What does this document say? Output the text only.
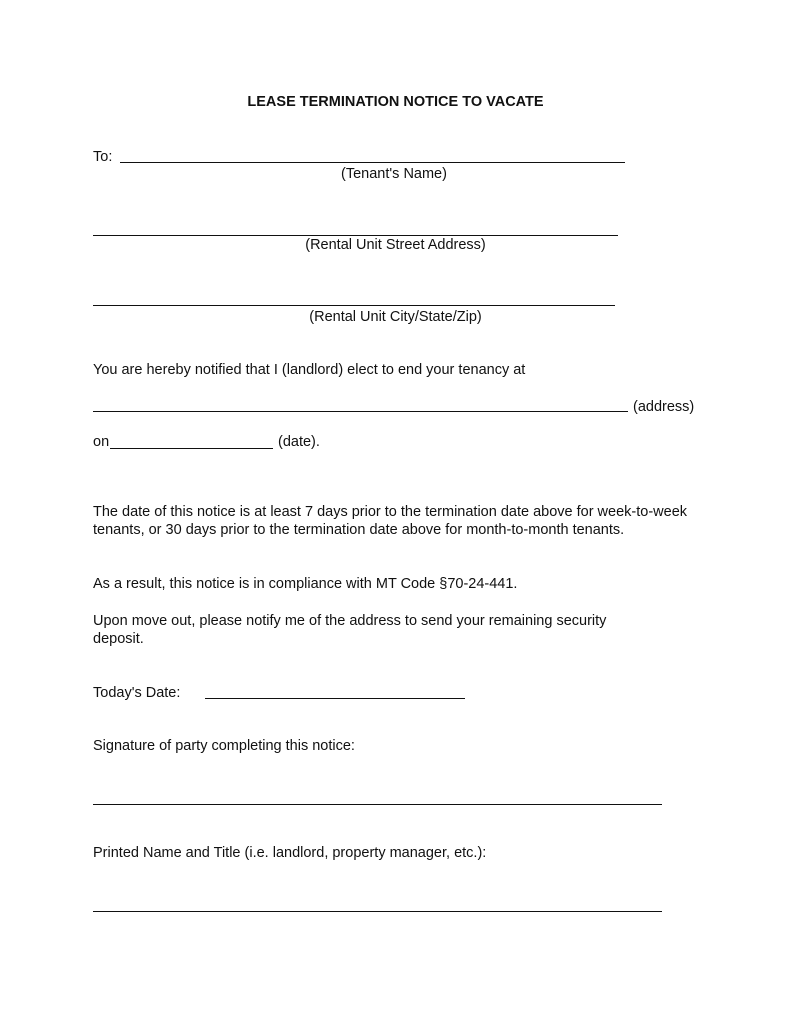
LEASE TERMINATION NOTICE TO VACATE
To:
(Tenant's Name)
(Rental Unit Street Address)
(Rental Unit City/State/Zip)
You are hereby notified that I (landlord) elect to end your tenancy at
(address)
on	(date).
The date of this notice is at least 7 days prior to the termination date above for week-to-week tenants, or 30 days prior to the termination date above for month-to-month tenants.
As a result, this notice is in compliance with MT Code §70-24-441.
Upon move out, please notify me of the address to send your remaining security deposit.
Today's Date:
Signature of party completing this notice:
Printed Name and Title (i.e. landlord, property manager, etc.):
